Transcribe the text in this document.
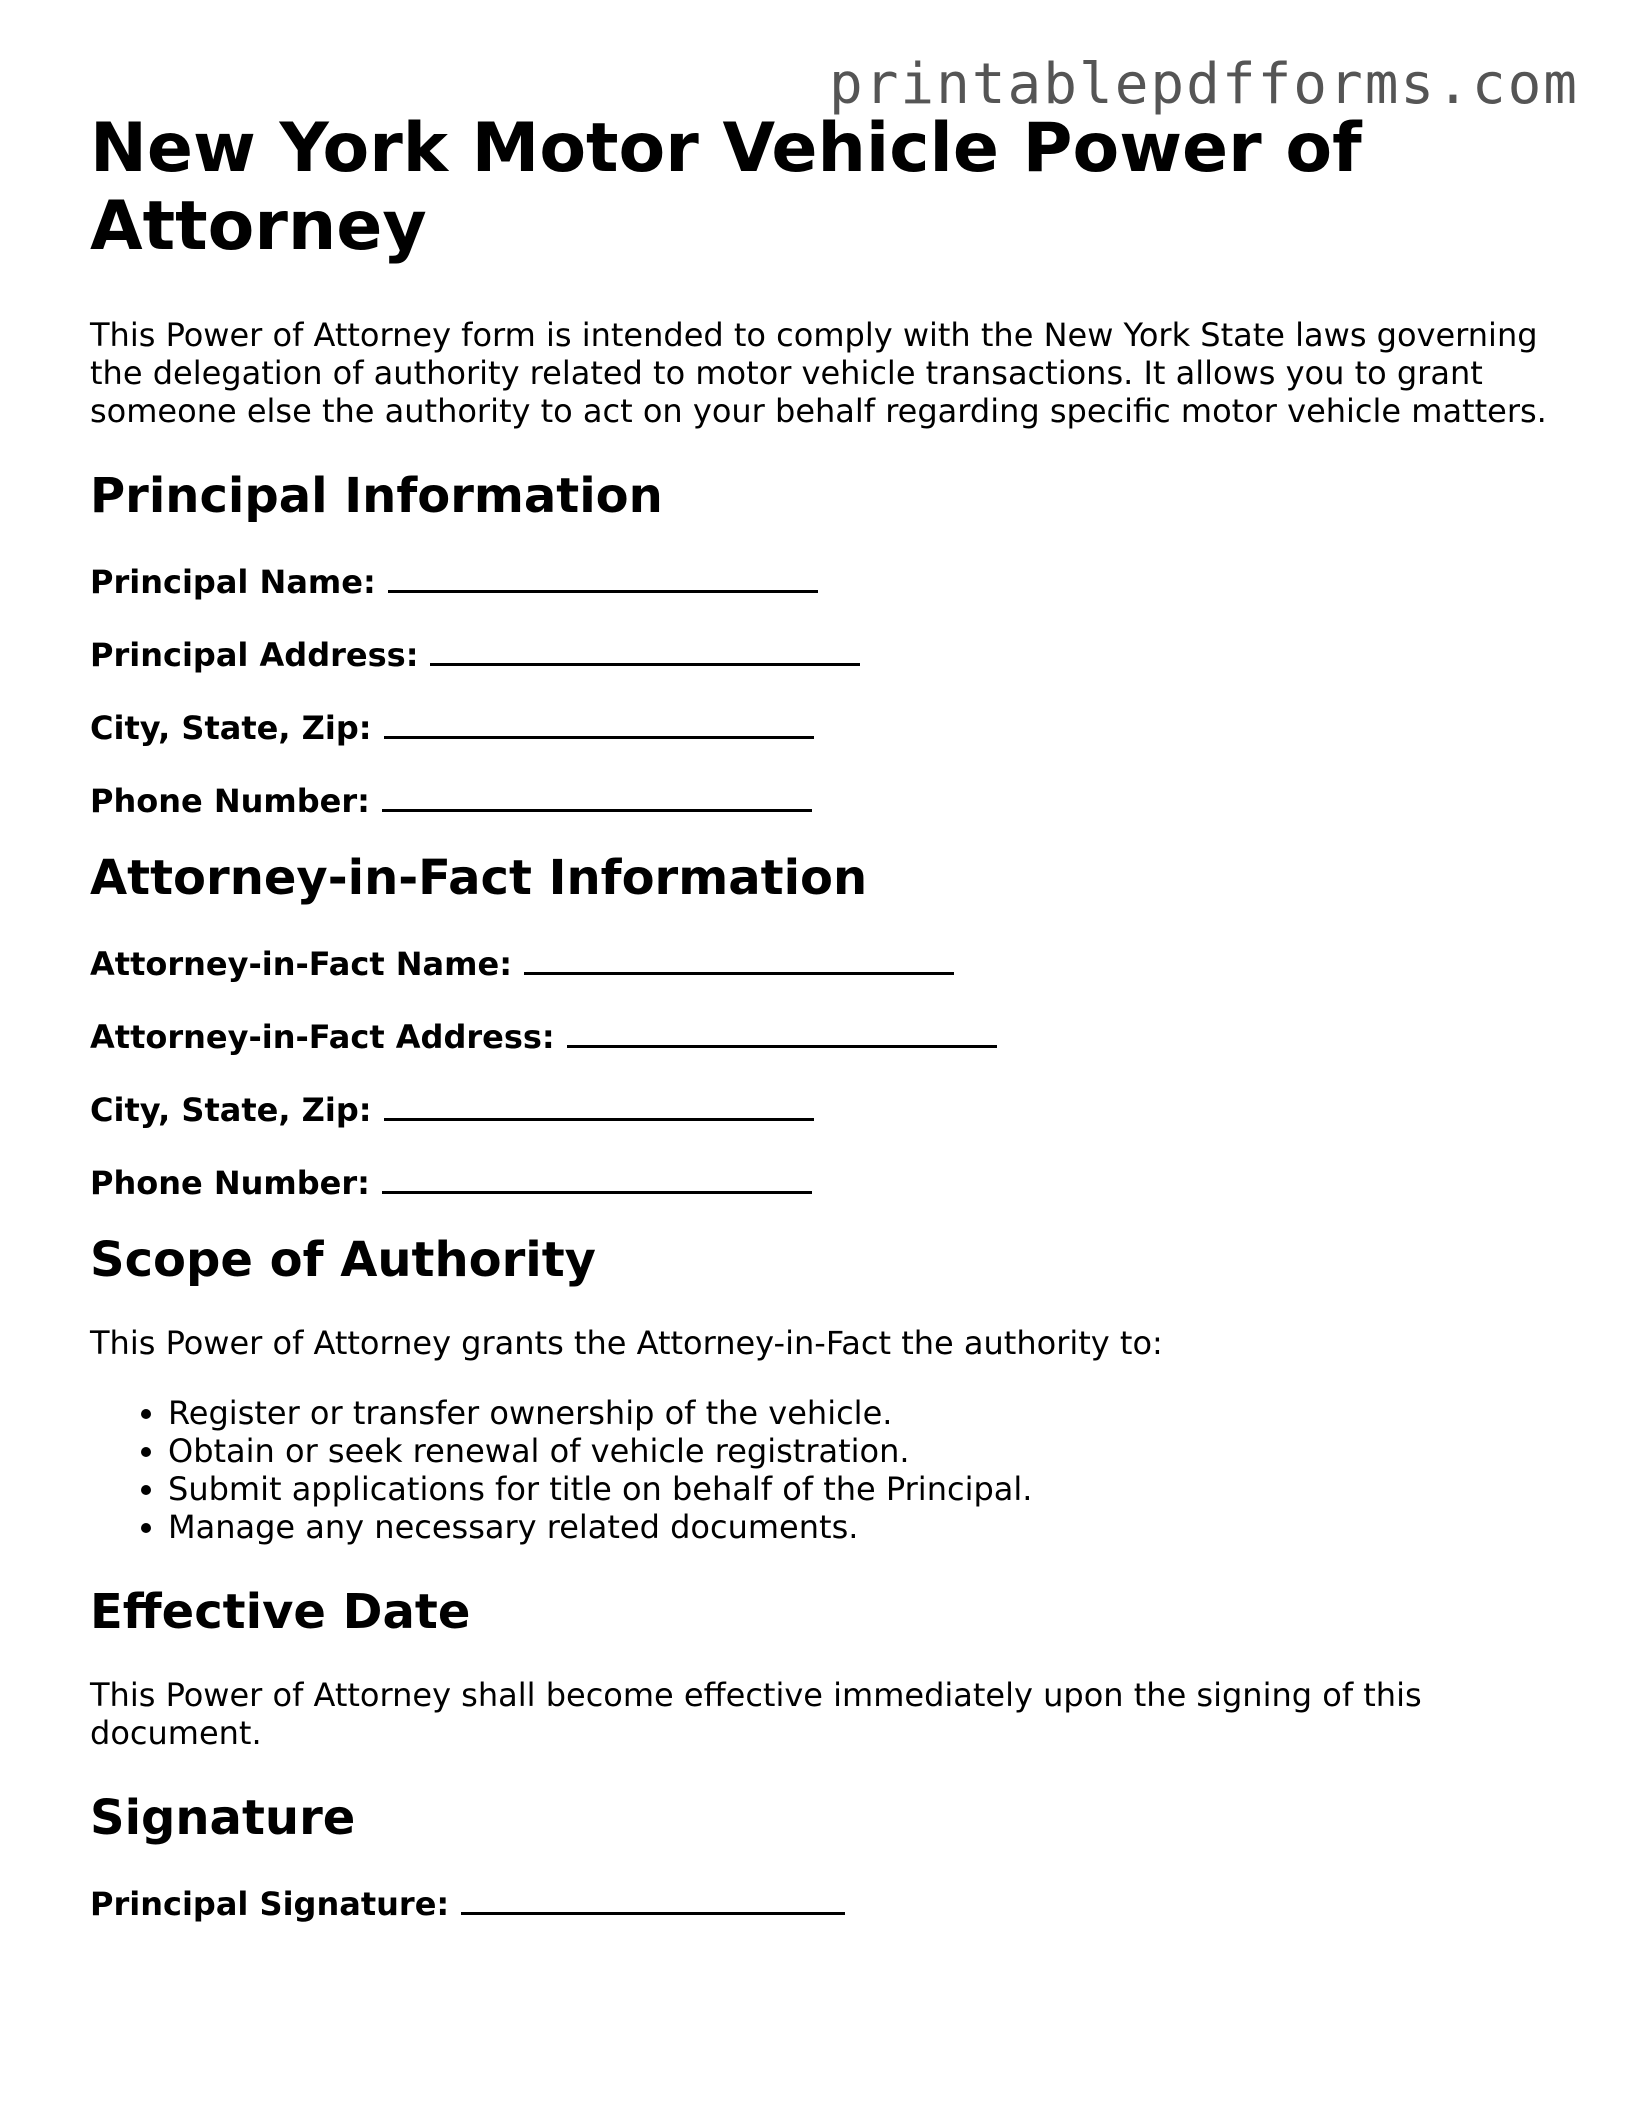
printablepdfforms.com
New York Motor Vehicle Power of Attorney

This Power of Attorney form is intended to comply with the New York State laws governing the delegation of authority related to motor vehicle transactions. It allows you to grant someone else the authority to act on your behalf regarding specific motor vehicle matters.

Principal Information
Principal Name:
Principal Address:
City, State, Zip:
Phone Number:
Attorney-in-Fact Information
Attorney-in-Fact Name:
Attorney-in-Fact Address:
City, State, Zip:
Phone Number:
Scope of Authority

This Power of Attorney grants the Attorney-in-Fact the authority to:

• Register or transfer ownership of the vehicle.
• Obtain or seek renewal of vehicle registration.
• Submit applications for title on behalf of the Principal.
• Manage any necessary related documents.
Effective Date

This Power of Attorney shall become effective immediately upon the signing of this document.

Signature
Principal Signature:
